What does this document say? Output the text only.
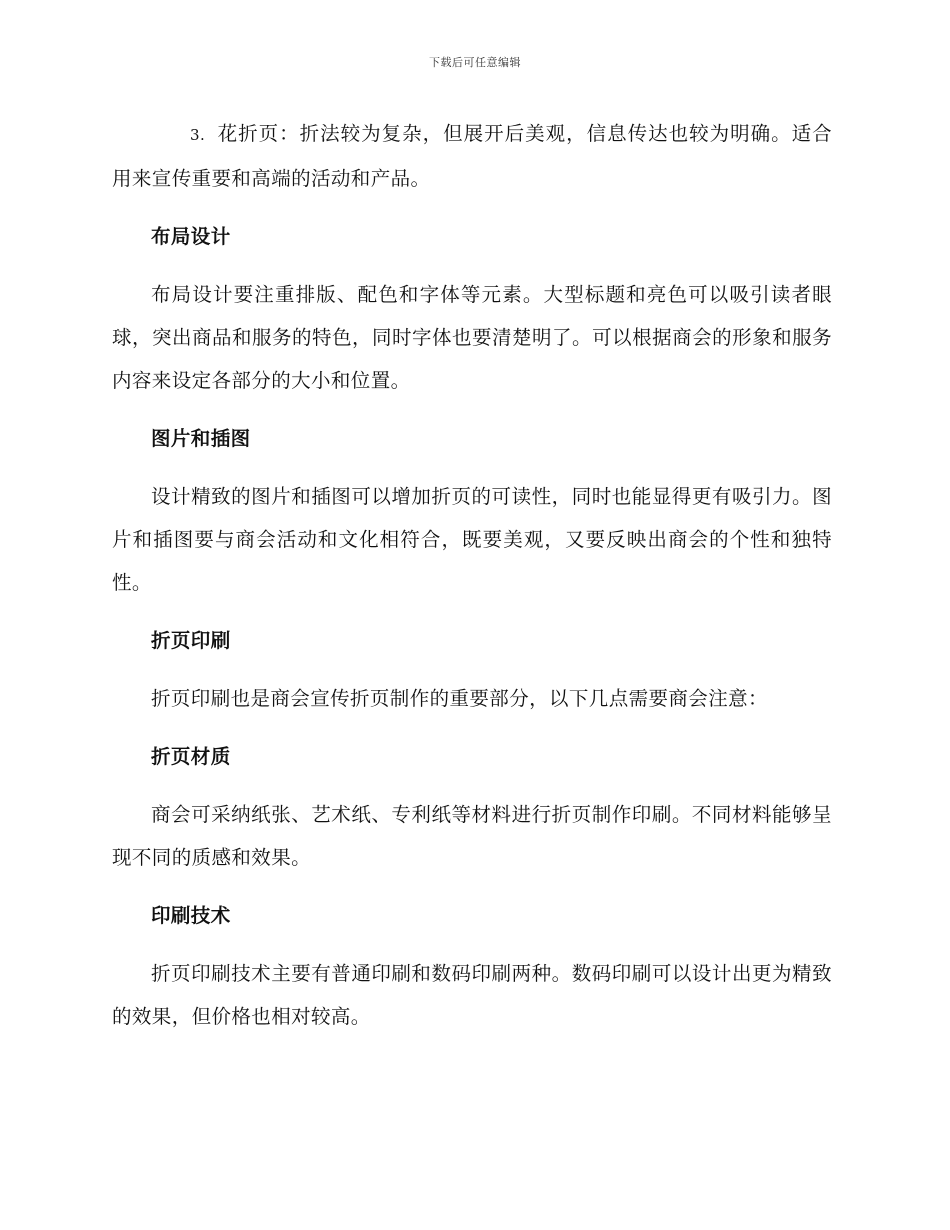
下载后可任意编辑

3. 花折页：折法较为复杂，但展开后美观，信息传达也较为明确。适合用来宣传重要和高端的活动和产品。

布局设计

布局设计要注重排版、配色和字体等元素。大型标题和亮色可以吸引读者眼球，突出商品和服务的特色，同时字体也要清楚明了。可以根据商会的形象和服务内容来设定各部分的大小和位置。

图片和插图

设计精致的图片和插图可以增加折页的可读性，同时也能显得更有吸引力。图片和插图要与商会活动和文化相符合，既要美观，又要反映出商会的个性和独特性。

折页印刷

折页印刷也是商会宣传折页制作的重要部分，以下几点需要商会注意：

折页材质

商会可采纳纸张、艺术纸、专利纸等材料进行折页制作印刷。不同材料能够呈现不同的质感和效果。

印刷技术

折页印刷技术主要有普通印刷和数码印刷两种。数码印刷可以设计出更为精致的效果，但价格也相对较高。
